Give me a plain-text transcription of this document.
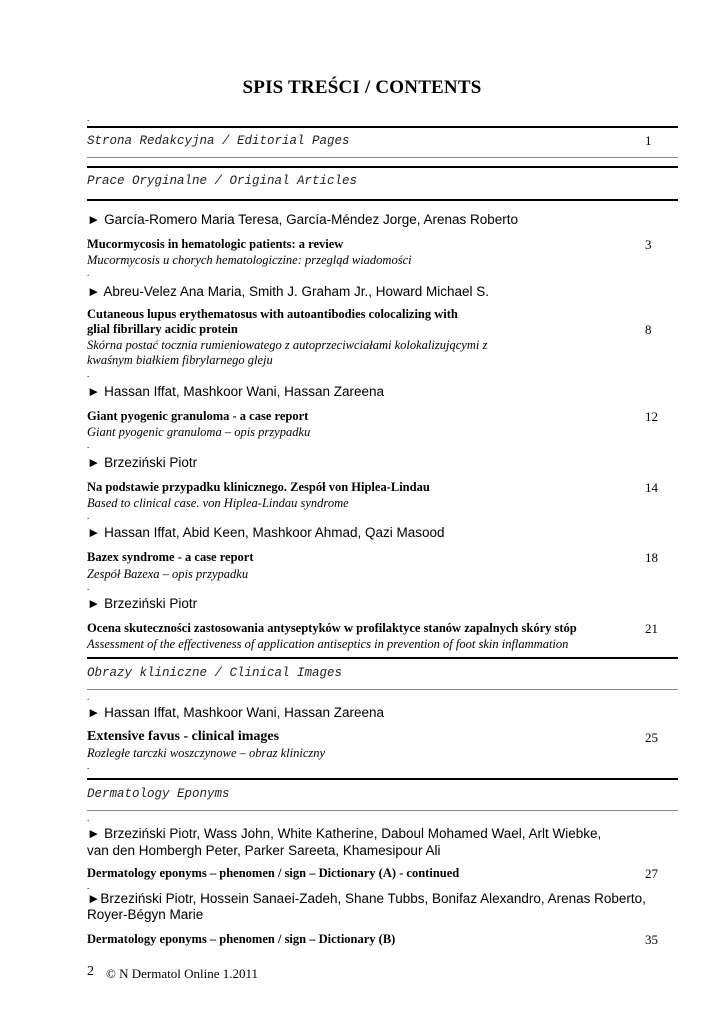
SPIS TREŚCI / CONTENTS
.
Strona Redakcyjna / Editorial Pages	1
Prace Oryginalne / Original Articles
► García-Romero Maria Teresa, García-Méndez Jorge, Arenas Roberto
Mucormycosis in hematologic patients: a review	3
Mucormycosis u chorych hematologiczine: przegląd wiadomości
.
► Abreu-Velez Ana Maria, Smith J. Graham Jr., Howard Michael S.
Cutaneous lupus erythematosus with autoantibodies colocalizing with
glial fibrillary acidic protein	8
Skórna postać tocznia rumieniowatego z autoprzeciwciałami kolokalizującymi z
kwaśnym białkiem fibrylarnego gleju
.
► Hassan Iffat, Mashkoor Wani, Hassan Zareena
Giant pyogenic granuloma - a case report	12
Giant pyogenic granuloma – opis przypadku
.
► Brzeziński Piotr
Na podstawie przypadku klinicznego. Zespół von Hiplea-Lindau	14
Based to clinical case. von Hiplea-Lindau syndrome
.
► Hassan Iffat, Abid Keen, Mashkoor Ahmad, Qazi Masood
Bazex syndrome - a case report	18
Zespół Bazexa – opis przypadku
.
► Brzeziński Piotr
Ocena skuteczności zastosowania antyseptyków w profilaktyce stanów zapalnych skóry stóp	21
Assessment of the effectiveness of application antiseptics in prevention of foot skin inflammation
Obrazy kliniczne / Clinical Images
.
► Hassan Iffat, Mashkoor Wani, Hassan Zareena
Extensive favus - clinical images	25
Rozległe tarczki woszczynowe – obraz kliniczny
.
Dermatology Eponyms
.
► Brzeziński Piotr, Wass John, White Katherine, Daboul Mohamed Wael, Arlt Wiebke,
van den Hombergh Peter, Parker Sareeta, Khamesipour Ali
Dermatology eponyms – phenomen / sign – Dictionary (A) - continued	27
.
►Brzeziński Piotr, Hossein Sanaei-Zadeh, Shane Tubbs, Bonifaz Alexandro, Arenas Roberto,
Royer-Bégyn Marie
Dermatology eponyms – phenomen / sign – Dictionary (B)	35
2 © N Dermatol Online 1.2011
